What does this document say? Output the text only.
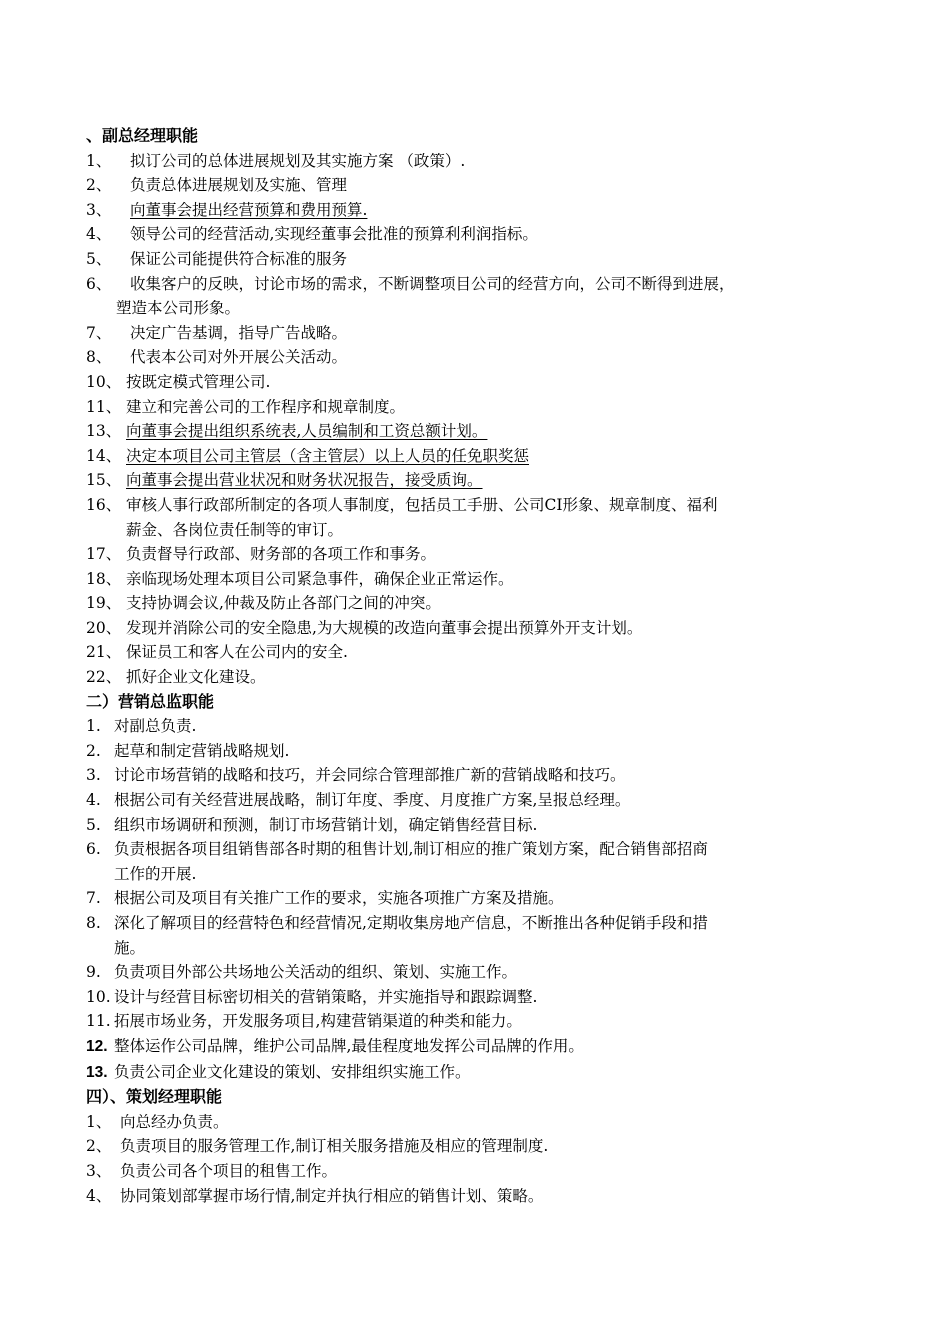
、副总经理职能
1、 拟订公司的总体进展规划及其实施方案 （政策）.
2、 负责总体进展规划及实施、管理
3、 向董事会提出经营预算和费用预算.
4、 领导公司的经营活动,实现经董事会批准的预算利利润指标。
5、 保证公司能提供符合标准的服务
6、 收集客户的反映，讨论市场的需求，不断调整项目公司的经营方向，公司不断得到进展，
塑造本公司形象。
7、 决定广告基调，指导广告战略。
8、 代表本公司对外开展公关活动。
10、 按既定模式管理公司.
11、 建立和完善公司的工作程序和规章制度。
13、 向董事会提出组织系统表,人员编制和工资总额计划。
14、 决定本项目公司主管层（含主管层）以上人员的任免职奖惩
15、 向董事会提出营业状况和财务状况报告，接受质询。
16、 审核人事行政部所制定的各项人事制度，包括员工手册、公司CI形象、规章制度、福利
薪金、各岗位责任制等的审订。
17、 负责督导行政部、财务部的各项工作和事务。
18、 亲临现场处理本项目公司紧急事件，确保企业正常运作。
19、 支持协调会议,仲裁及防止各部门之间的冲突。
20、 发现并消除公司的安全隐患,为大规模的改造向董事会提出预算外开支计划。
21、 保证员工和客人在公司内的安全.
22、 抓好企业文化建设。
二）营销总监职能
1. 对副总负责.
2. 起草和制定营销战略规划.
3. 讨论市场营销的战略和技巧，并会同综合管理部推广新的营销战略和技巧。
4. 根据公司有关经营进展战略，制订年度、季度、月度推广方案,呈报总经理。
5. 组织市场调研和预测，制订市场营销计划，确定销售经营目标.
6. 负责根据各项目组销售部各时期的租售计划,制订相应的推广策划方案，配合销售部招商
工作的开展.
7. 根据公司及项目有关推广工作的要求，实施各项推广方案及措施。
8. 深化了解项目的经营特色和经营情况,定期收集房地产信息，不断推出各种促销手段和措
施。
9. 负责项目外部公共场地公关活动的组织、策划、实施工作。
10. 设计与经营目标密切相关的营销策略，并实施指导和跟踪调整.
11. 拓展市场业务，开发服务项目,构建营销渠道的种类和能力。
12. 整体运作公司品牌，维护公司品牌,最佳程度地发挥公司品牌的作用。
13. 负责公司企业文化建设的策划、安排组织实施工作。
四）、策划经理职能
1、 向总经办负责。
2、 负责项目的服务管理工作,制订相关服务措施及相应的管理制度.
3、 负责公司各个项目的租售工作。
4、 协同策划部掌握市场行情,制定并执行相应的销售计划、策略。
